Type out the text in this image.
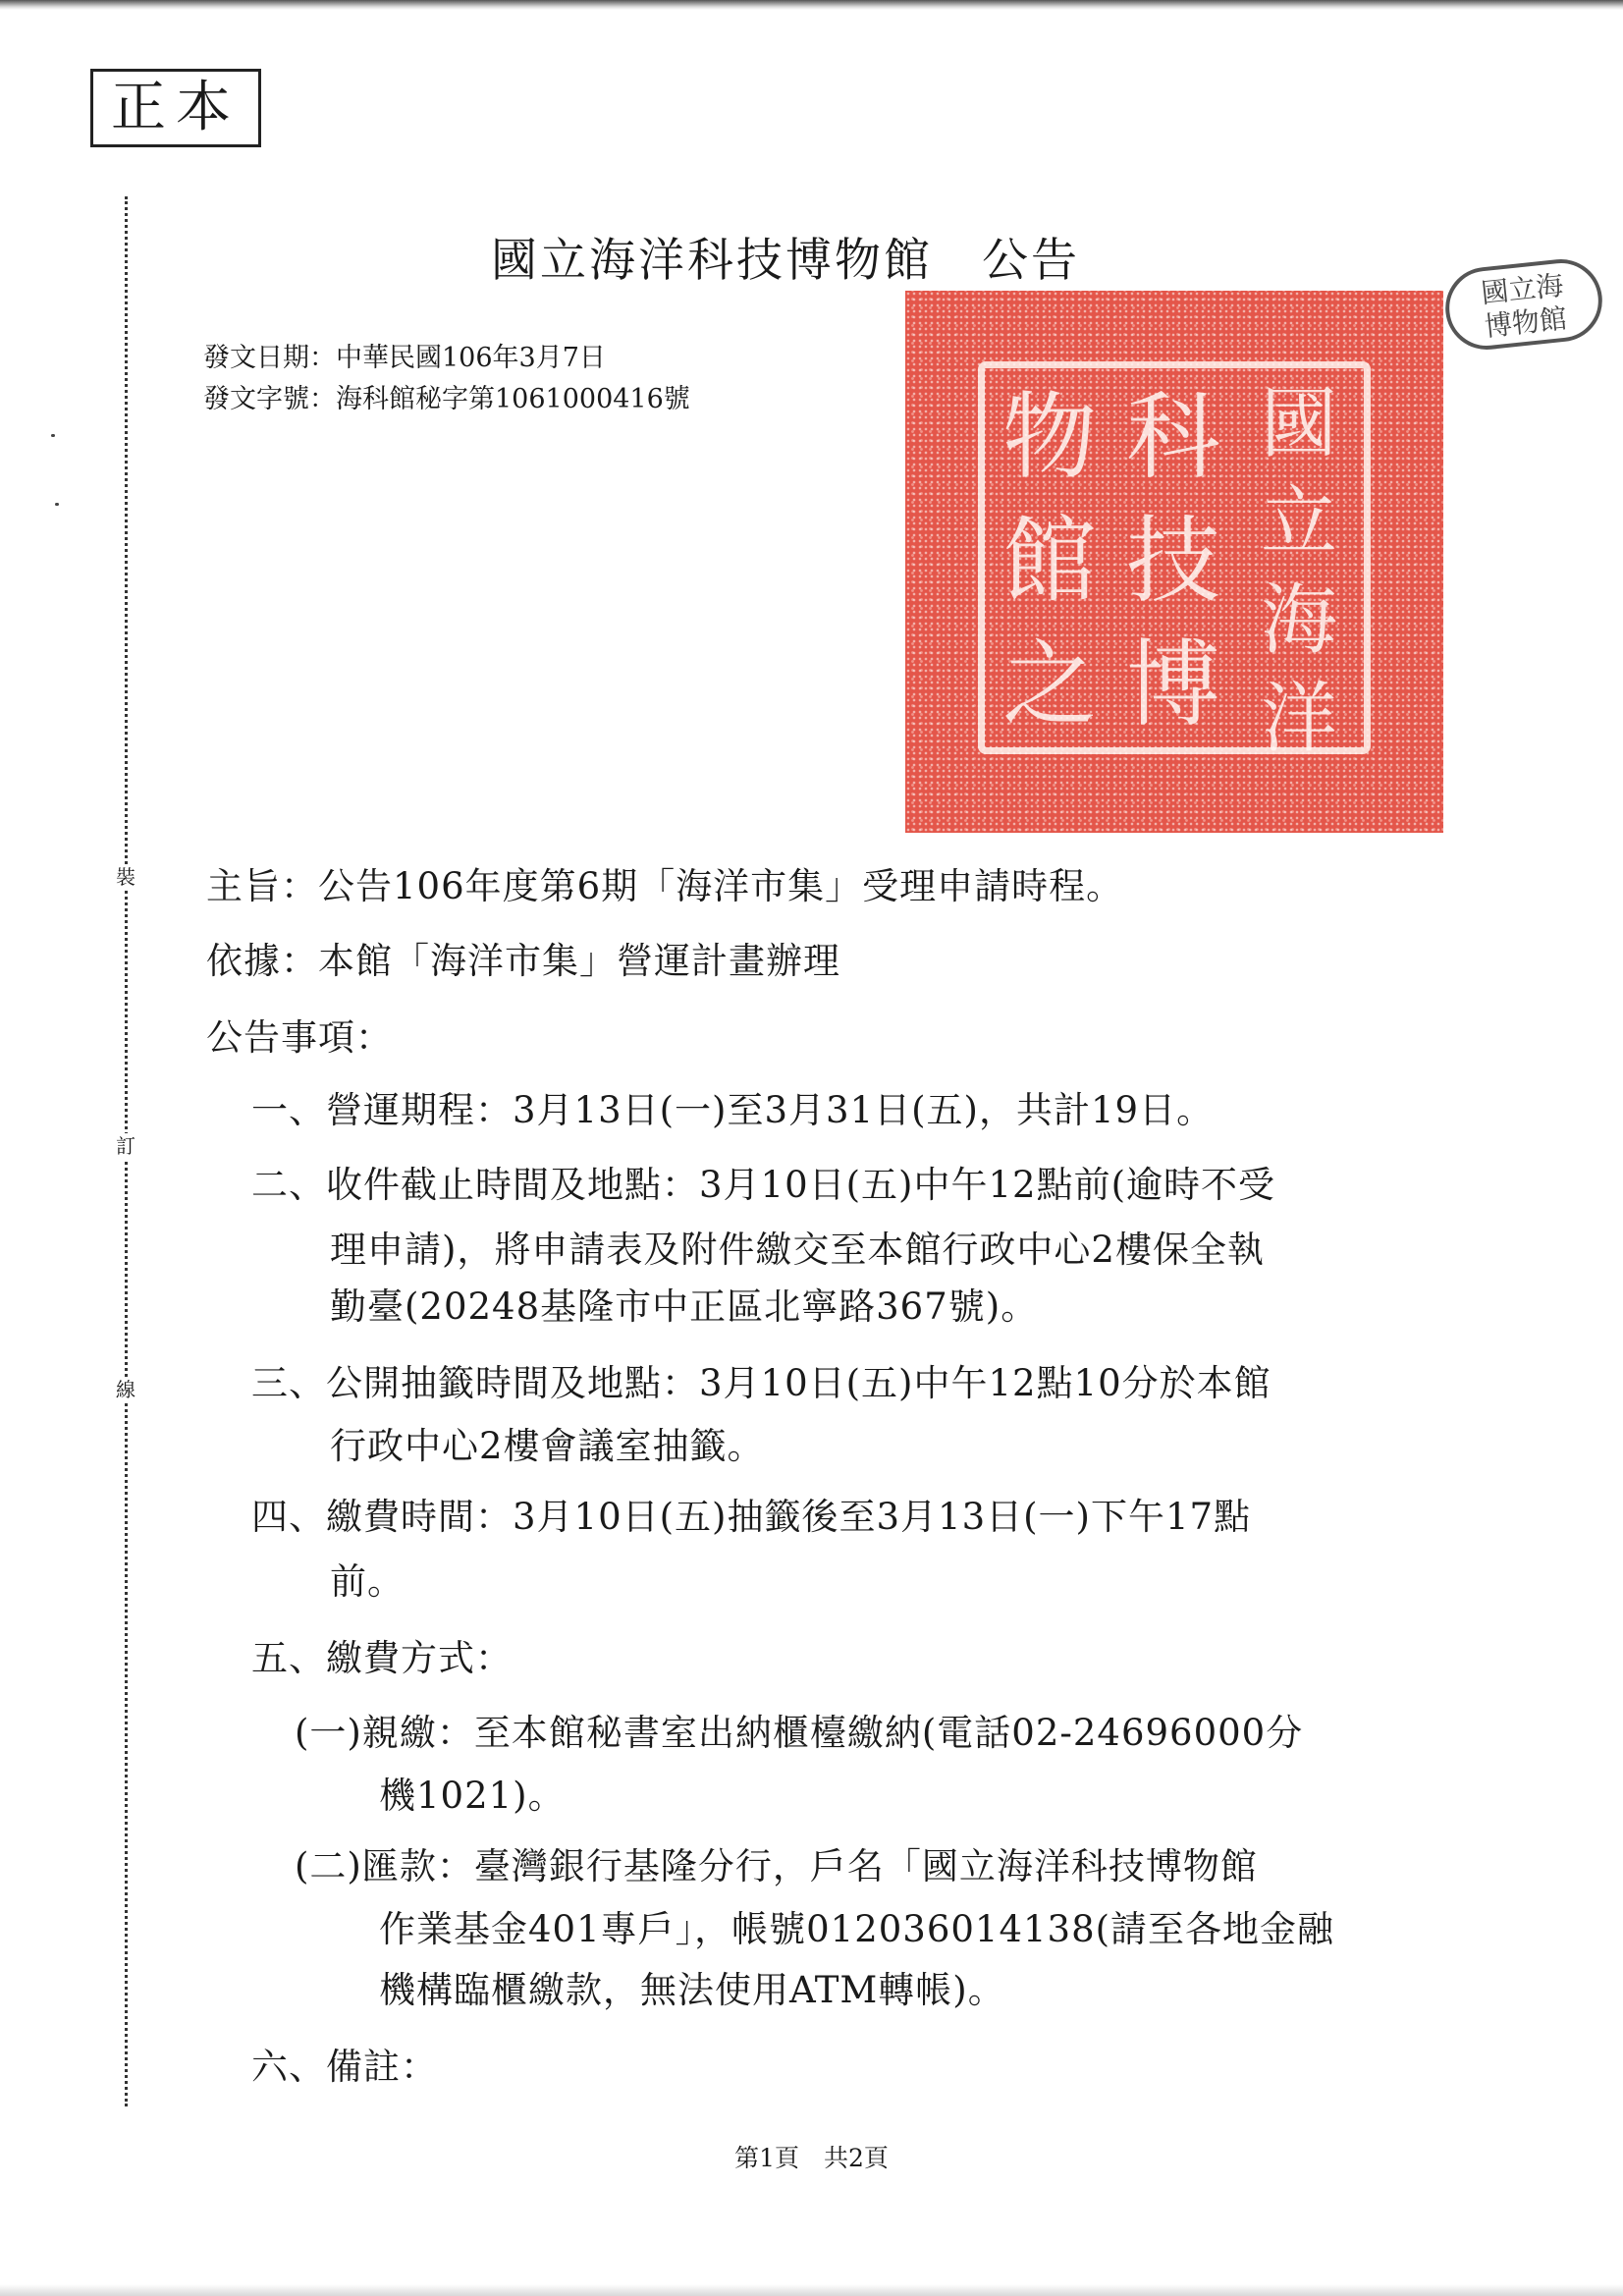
正本
裝
訂
線
國立海洋科技博物館　公告
發文日期：中華民國106年3月7日
發文字號：海科館秘字第1061000416號	物
館
之
科
技
博
國
立
海
洋
國立海
博物館
主旨：公告106年度第6期「海洋市集」受理申請時程。
依據：本館「海洋市集」營運計畫辦理
公告事項：
一、營運期程：3月13日(一)至3月31日(五)，共計19日。
二、收件截止時間及地點：3月10日(五)中午12點前(逾時不受
理申請)，將申請表及附件繳交至本館行政中心2樓保全執
勤臺(20248基隆市中正區北寧路367號)。
三、公開抽籤時間及地點：3月10日(五)中午12點10分於本館
行政中心2樓會議室抽籤。
四、繳費時間：3月10日(五)抽籤後至3月13日(一)下午17點
前。
五、繳費方式：
(一)親繳：至本館秘書室出納櫃檯繳納(電話02-24696000分
機1021)。
(二)匯款：臺灣銀行基隆分行，戶名「國立海洋科技博物館
作業基金401專戶」，帳號012036014138(請至各地金融
機構臨櫃繳款，無法使用ATM轉帳)。
六、備註：
第1頁　共2頁
